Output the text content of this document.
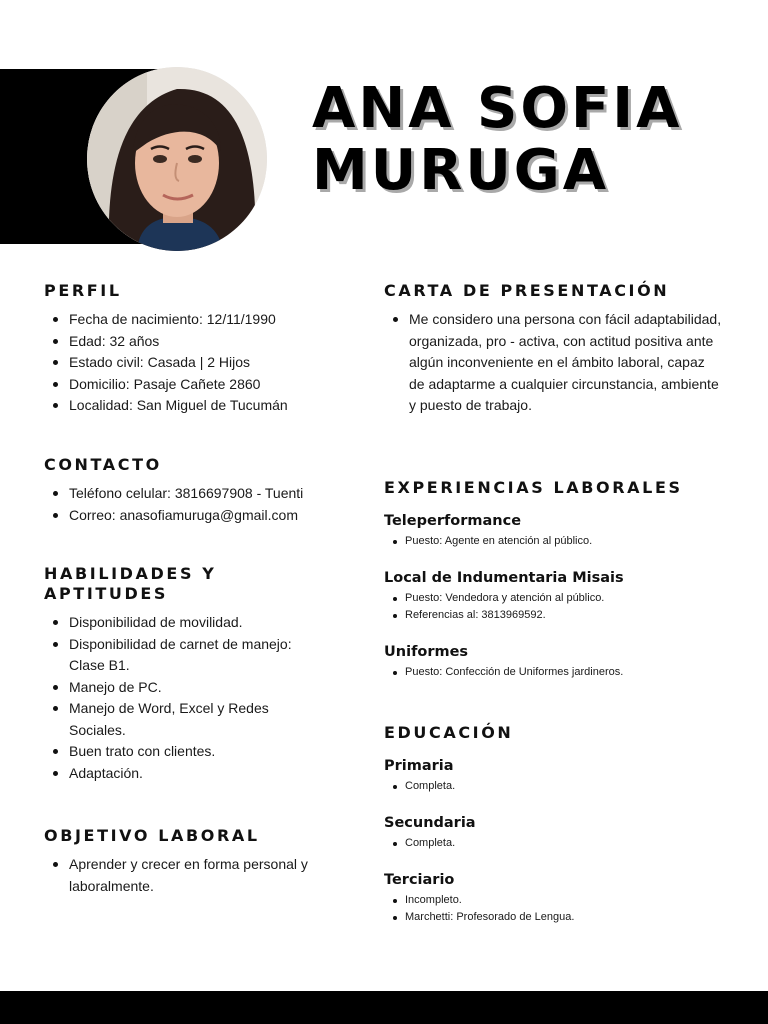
ANA SOFIA
MURUGA
PERFIL
Fecha de nacimiento: 12/11/1990
Edad: 32 años
Estado civil: Casada | 2 Hijos
Domicilio: Pasaje Cañete 2860
Localidad: San Miguel de Tucumán
CONTACTO
Teléfono celular: 3816697908 - Tuenti
Correo: anasofiamuruga@gmail.com
HABILIDADES Y
APTITUDES
Disponibilidad de movilidad.
Disponibilidad de carnet de manejo: Clase B1.
Manejo de PC.
Manejo de Word, Excel y Redes Sociales.
Buen trato con clientes.
Adaptación.
OBJETIVO LABORAL
Aprender y crecer en forma personal y laboralmente.
CARTA DE PRESENTACIÓN
Me considero una persona con fácil adaptabilidad, organizada, pro - activa, con actitud positiva ante algún inconveniente en el ámbito laboral, capaz de adaptarme a cualquier circunstancia, ambiente y puesto de trabajo.
EXPERIENCIAS LABORALES
Teleperformance
Puesto: Agente en atención al público.
Local de Indumentaria Misais
Puesto: Vendedora y atención al público.
Referencias al: 3813969592.
Uniformes
Puesto: Confección de Uniformes jardineros.
EDUCACIÓN
Primaria
Completa.
Secundaria
Completa.
Terciario
Incompleto.
Marchetti: Profesorado de Lengua.
